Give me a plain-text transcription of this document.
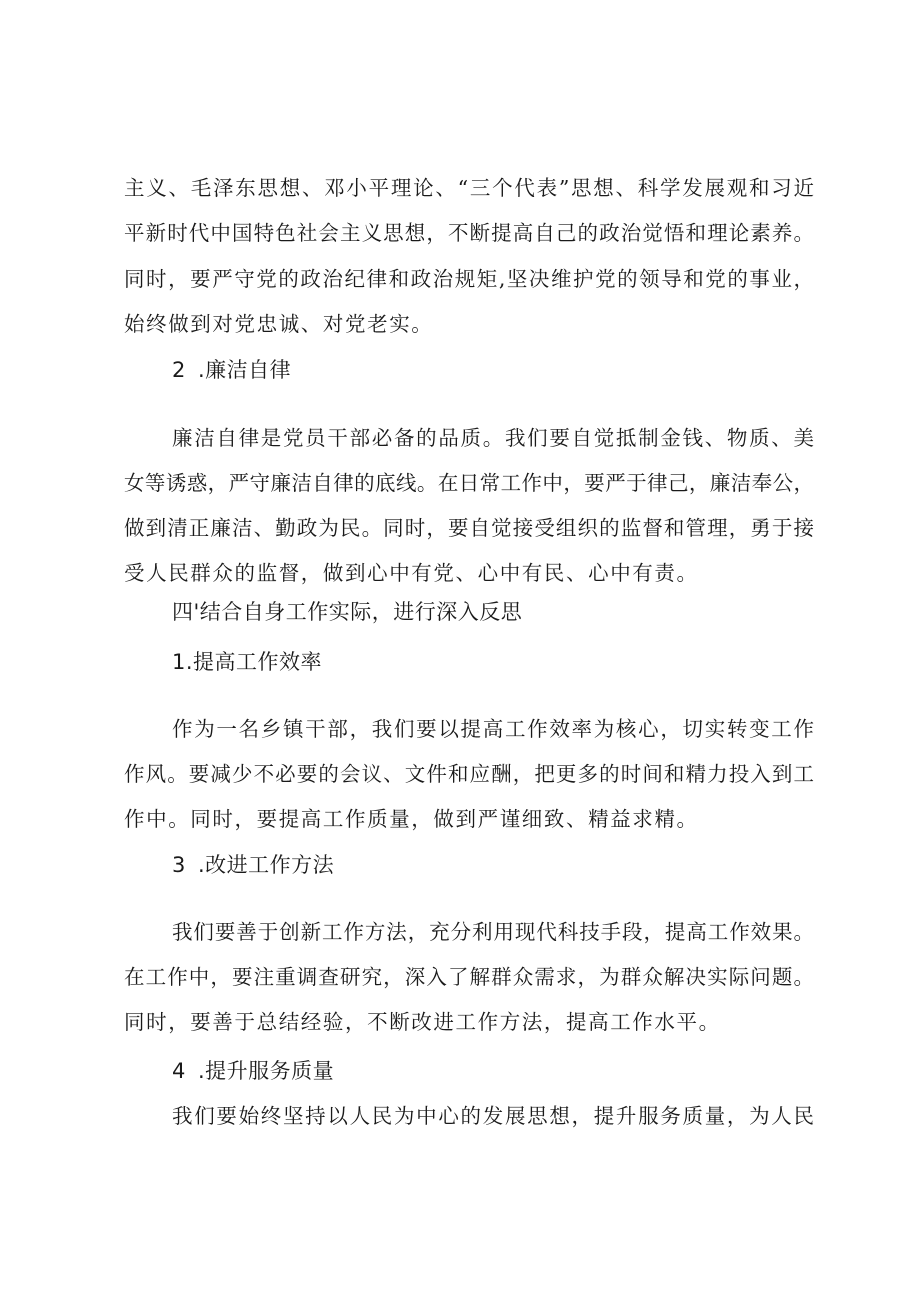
主义、毛泽东思想、邓小平理论、“三个代表”思想、科学发展观和习近
平新时代中国特色社会主义思想，不断提高自己的政治觉悟和理论素养。
同时，要严守党的政治纪律和政治规矩,坚决维护党的领导和党的事业，
始终做到对党忠诚、对党老实。
2 .廉洁自律
廉洁自律是党员干部必备的品质。我们要自觉抵制金钱、物质、美
女等诱惑，严守廉洁自律的底线。在日常工作中，要严于律己，廉洁奉公，
做到清正廉洁、勤政为民。同时，要自觉接受组织的监督和管理，勇于接
受人民群众的监督，做到心中有党、心中有民、心中有责。
四'结合自身工作实际，进行深入反思
1.提高工作效率
作为一名乡镇干部，我们要以提高工作效率为核心，切实转变工作
作风。要减少不必要的会议、文件和应酬，把更多的时间和精力投入到工
作中。同时，要提高工作质量，做到严谨细致、精益求精。
3 .改进工作方法
我们要善于创新工作方法，充分利用现代科技手段，提高工作效果。
在工作中，要注重调查研究，深入了解群众需求，为群众解决实际问题。
同时，要善于总结经验，不断改进工作方法，提高工作水平。
4 .提升服务质量
我们要始终坚持以人民为中心的发展思想，提升服务质量，为人民
